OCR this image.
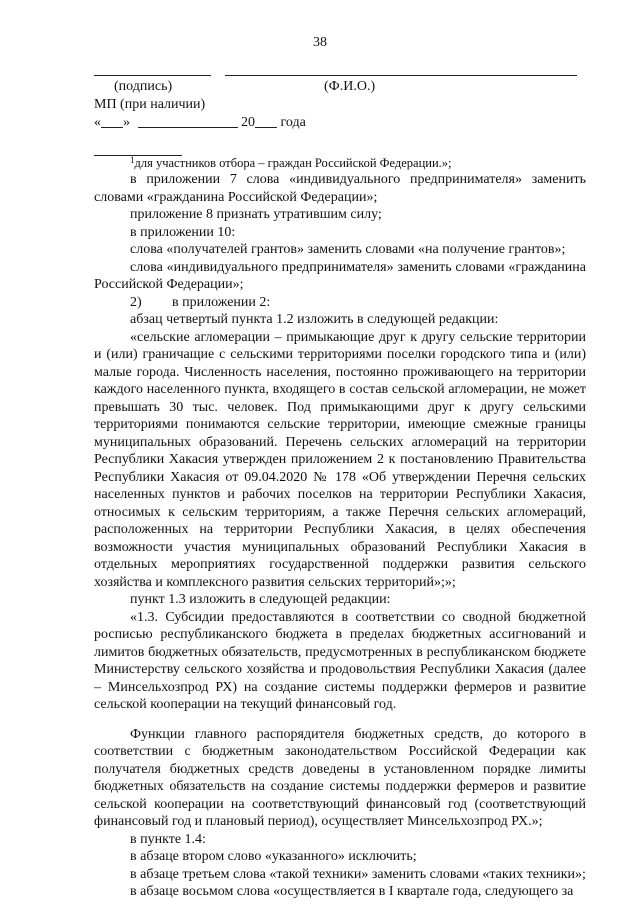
38
(подпись)	(Ф.И.О.)
МП (при наличии)
« »	20 года
$^1$для участников отбора – граждан Российской Федерации.»;

в приложении 7 слова «индивидуального предпринимателя» заменить словами «гражданина Российской Федерации»;

приложение 8 признать утратившим силу;

в приложении 10:

слова «получателей грантов» заменить словами «на получение грантов»;

слова «индивидуального предпринимателя» заменить словами «гражданина Российской Федерации»;

2) в приложении 2:

абзац четвертый пункта 1.2 изложить в следующей редакции:

«сельские агломерации – примыкающие друг к другу сельские территории и (или) граничащие с сельскими территориями поселки городского типа и (или) малые города. Численность населения, постоянно проживающего на территории каждого населенного пункта, входящего в состав сельской агломерации, не может превышать 30 тыс. человек. Под примыкающими друг к другу сельскими территориями понимаются сельские территории, имеющие смежные границы муниципальных образований. Перечень сельских агломераций на территории Республики Хакасия утвержден приложением 2 к постановлению Правительства Республики Хакасия от 09.04.2020 № 178 «Об утверждении Перечня сельских населенных пунктов и рабочих поселков на территории Республики Хакасия, относимых к сельским территориям, а также Перечня сельских агломераций, расположенных на территории Республики Хакасия, в целях обеспечения возможности участия муниципальных образований Республики Хакасия в отдельных мероприятиях государственной поддержки развития сельского хозяйства и комплексного развития сельских территорий»;»;

пункт 1.3 изложить в следующей редакции:

«1.3. Субсидии предоставляются в соответствии со сводной бюджетной росписью республиканского бюджета в пределах бюджетных ассигнований и лимитов бюджетных обязательств, предусмотренных в республиканском бюджете Министерству сельского хозяйства и продовольствия Республики Хакасия (далее – Минсельхозпрод РХ) на создание системы поддержки фермеров и развитие сельской кооперации на текущий финансовый год.

Функции главного распорядителя бюджетных средств, до которого в соответствии с бюджетным законодательством Российской Федерации как получателя бюджетных средств доведены в установленном порядке лимиты бюджетных обязательств на создание системы поддержки фермеров и развитие сельской кооперации на соответствующий финансовый год (соответствующий финансовый год и плановый период), осуществляет Минсельхозпрод РХ.»;

в пункте 1.4:

в абзаце втором слово «указанного» исключить;

в абзаце третьем слова «такой техники» заменить словами «таких техники»;

в абзаце восьмом слова «осуществляется в I квартале года, следующего за
